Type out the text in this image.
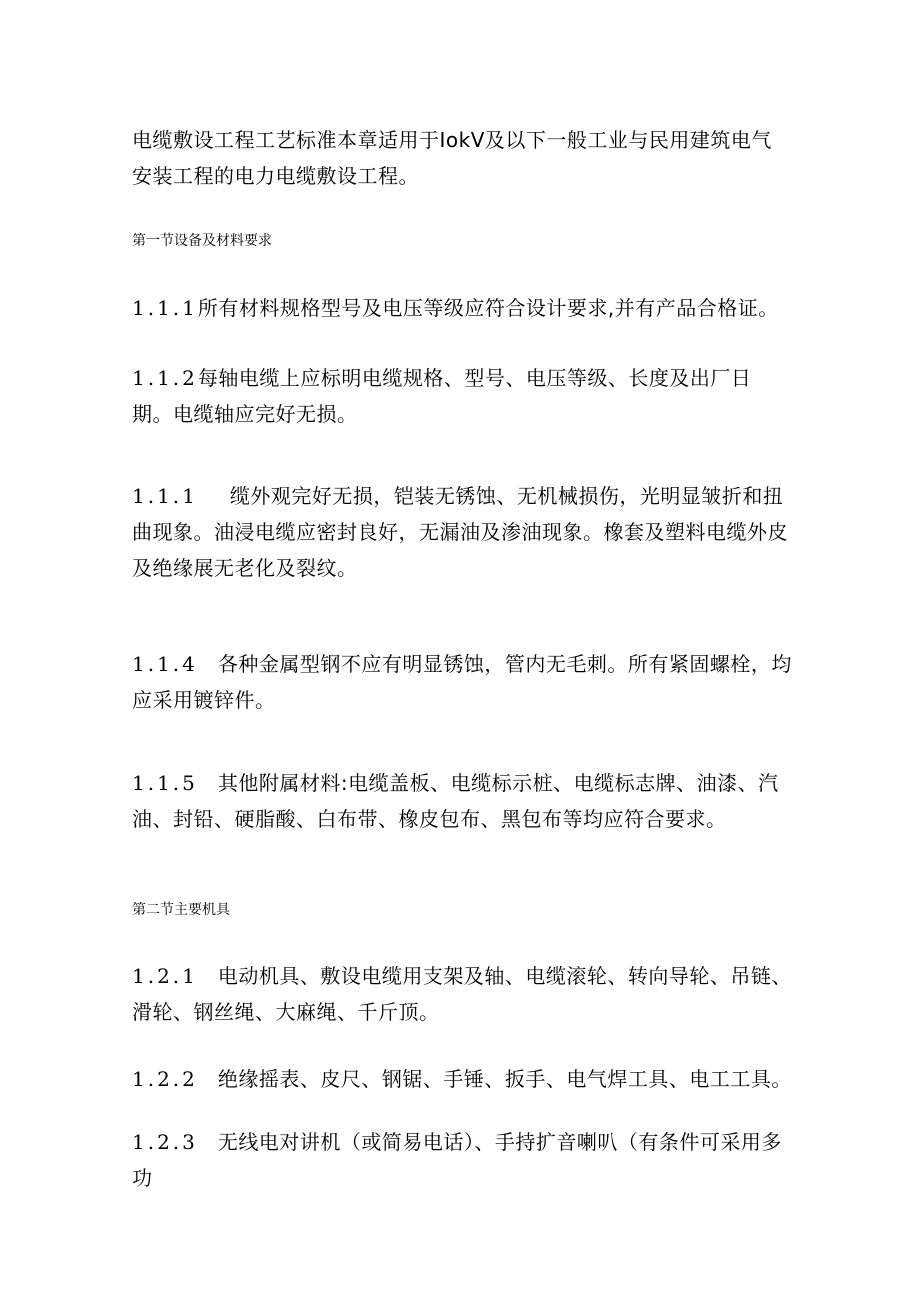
电缆敷设工程工艺标准本章适用于IokV及以下一般工业与民用建筑电气安装工程的电力电缆敷设工程。
第一节设备及材料要求
1.1.1所有材料规格型号及电压等级应符合设计要求,并有产品合格证。
1.1.2每轴电缆上应标明电缆规格、型号、电压等级、长度及出厂日期。电缆轴应完好无损。
1.1.1 缆外观完好无损，铠装无锈蚀、无机械损伤，光明显皱折和扭曲现象。油浸电缆应密封良好，无漏油及渗油现象。橡套及塑料电缆外皮及绝缘展无老化及裂纹。
1.1.4 各种金属型钢不应有明显锈蚀，管内无毛刺。所有紧固螺栓，均应采用镀锌件。
1.1.5 其他附属材料:电缆盖板、电缆标示桩、电缆标志牌、油漆、汽油、封铅、硬脂酸、白布带、橡皮包布、黑包布等均应符合要求。
第二节主要机具
1.2.1 电动机具、敷设电缆用支架及轴、电缆滚轮、转向导轮、吊链、滑轮、钢丝绳、大麻绳、千斤顶。
1.2.2 绝缘摇表、皮尺、钢锯、手锤、扳手、电气焊工具、电工工具。
1.2.3 无线电对讲机（或简易电话）、手持扩音喇叭（有条件可采用多功
